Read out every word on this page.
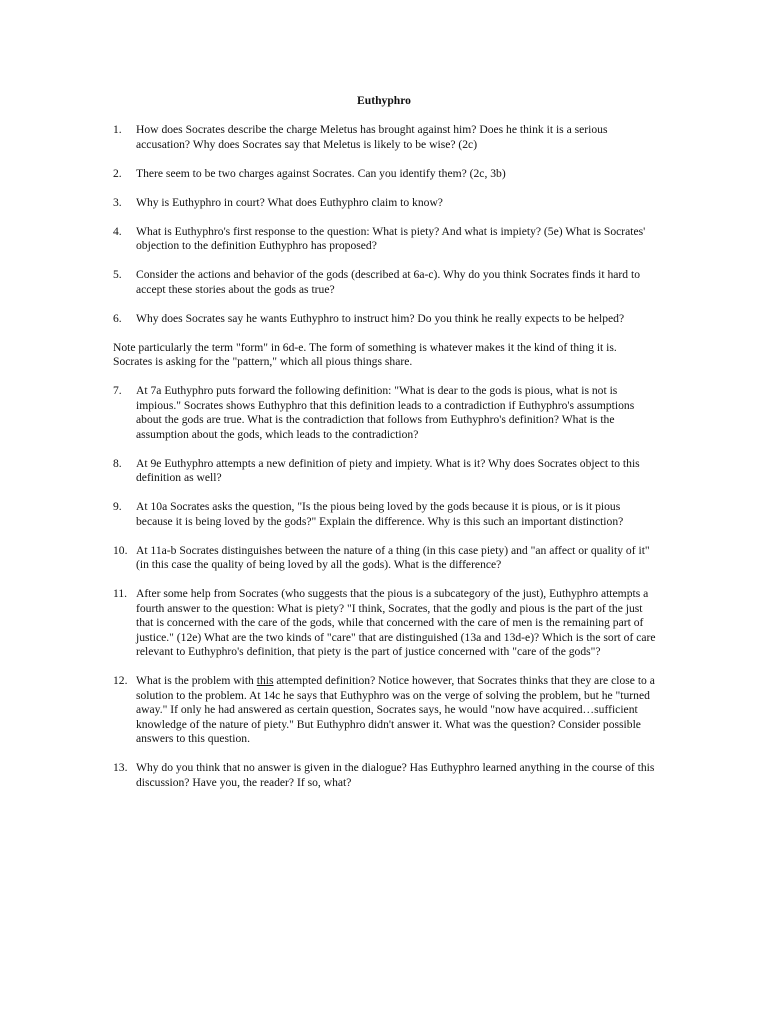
Euthyphro
1.	How does Socrates describe the charge Meletus has brought against him? Does he think it is a serious accusation? Why does Socrates say that Meletus is likely to be wise? (2c)
2.	There seem to be two charges against Socrates. Can you identify them? (2c, 3b)
3.	Why is Euthyphro in court? What does Euthyphro claim to know?
4.	What is Euthyphro's first response to the question: What is piety? And what is impiety? (5e) What is Socrates' objection to the definition Euthyphro has proposed?
5.	Consider the actions and behavior of the gods (described at 6a-c). Why do you think Socrates finds it hard to accept these stories about the gods as true?
6.	Why does Socrates say he wants Euthyphro to instruct him? Do you think he really expects to be helped?
Note particularly the term "form" in 6d-e. The form of something is whatever makes it the kind of thing it is. Socrates is asking for the "pattern," which all pious things share.
7.	At 7a Euthyphro puts forward the following definition: "What is dear to the gods is pious, what is not is impious." Socrates shows Euthyphro that this definition leads to a contradiction if Euthyphro's assumptions about the gods are true. What is the contradiction that follows from Euthyphro's definition? What is the assumption about the gods, which leads to the contradiction?
8.	At 9e Euthyphro attempts a new definition of piety and impiety. What is it? Why does Socrates object to this definition as well?
9.	At 10a Socrates asks the question, "Is the pious being loved by the gods because it is pious, or is it pious because it is being loved by the gods?" Explain the difference. Why is this such an important distinction?
10. At 11a-b Socrates distinguishes between the nature of a thing (in this case piety) and "an affect or quality of it" (in this case the quality of being loved by all the gods). What is the difference?
11. After some help from Socrates (who suggests that the pious is a subcategory of the just), Euthyphro attempts a fourth answer to the question: What is piety? "I think, Socrates, that the godly and pious is the part of the just that is concerned with the care of the gods, while that concerned with the care of men is the remaining part of justice." (12e) What are the two kinds of "care" that are distinguished (13a and 13d-e)? Which is the sort of care relevant to Euthyphro's definition, that piety is the part of justice concerned with "care of the gods"?
12. What is the problem with this attempted definition? Notice however, that Socrates thinks that they are close to a solution to the problem. At 14c he says that Euthyphro was on the verge of solving the problem, but he "turned away." If only he had answered as certain question, Socrates says, he would "now have acquired…sufficient knowledge of the nature of piety." But Euthyphro didn't answer it. What was the question? Consider possible answers to this question.
13. Why do you think that no answer is given in the dialogue? Has Euthyphro learned anything in the course of this discussion? Have you, the reader? If so, what?
